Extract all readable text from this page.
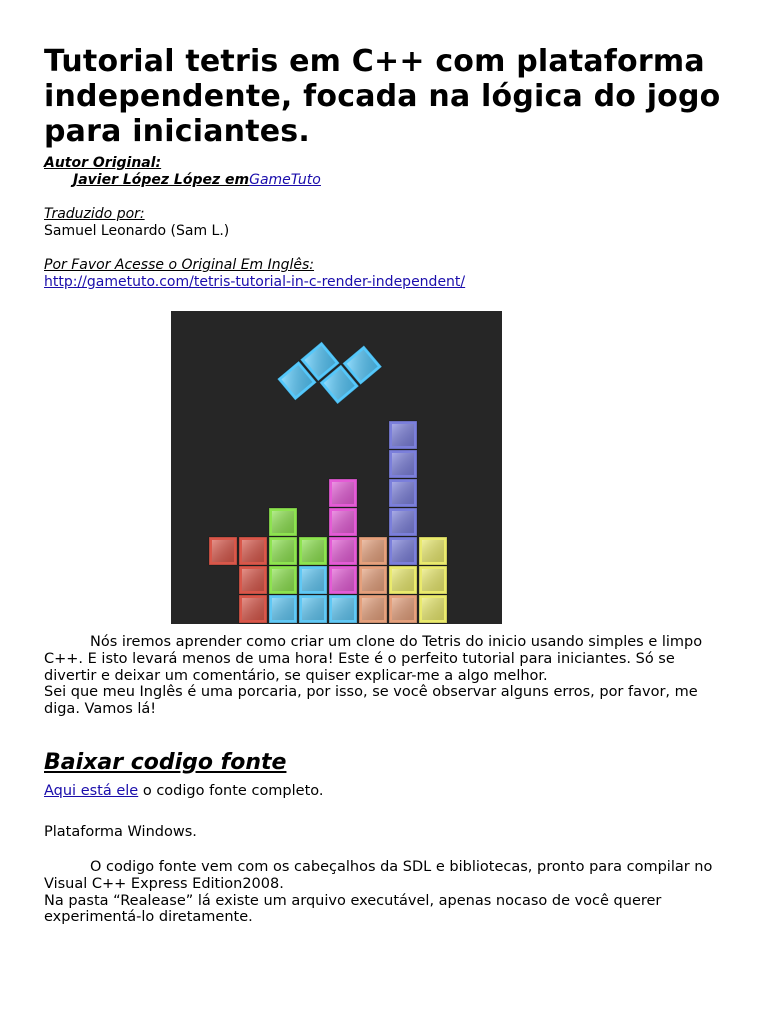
Tutorial tetris em C++ com plataforma independente, focada na lógica do jogo para iniciantes.
Autor Original:
Javier López López emGameTuto
Traduzido por:
Samuel Leonardo (Sam L.)
Por Favor Acesse o Original Em Inglês:
http://gametuto.com/tetris-tutorial-in-c-render-independent/

Nós iremos aprender como criar um clone do Tetris do inicio usando simples e limpo C++. E isto levará menos de uma hora! Este é o perfeito tutorial para iniciantes. Só se divertir e deixar um comentário, se quiser explicar-me a algo melhor.

Sei que meu Inglês é uma porcaria, por isso, se você observar alguns erros, por favor, me diga. Vamos lá!

Baixar codigo fonte
Aqui está ele o codigo fonte completo.
Plataforma Windows.

O codigo fonte vem com os cabeçalhos da SDL e bibliotecas, pronto para compilar no Visual C++ Express Edition2008.

Na pasta “Realease” lá existe um arquivo executável, apenas nocaso de você querer experimentá-lo diretamente.
